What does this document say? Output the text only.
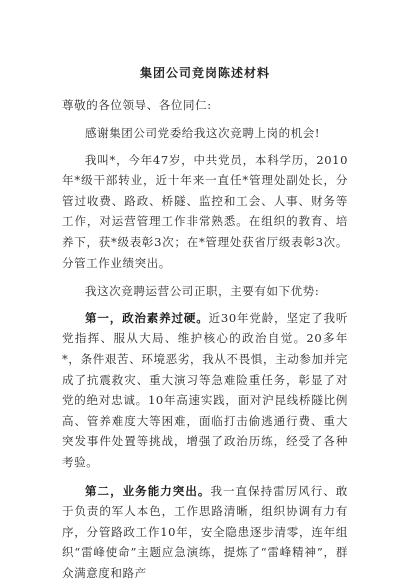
集团公司竞岗陈述材料
尊敬的各位领导、各位同仁:

感谢集团公司党委给我这次竞聘上岗的机会!

我叫*，今年47岁，中共党员，本科学历，2010年*级干部转业，近十年来一直任*管理处副处长，分管过收费、路政、桥隧、监控和工会、人事、财务等工作，对运营管理工作非常熟悉。在组织的教育、培养下，获*级表彰3次；在*管理处获省厅级表彰3次。分管工作业绩突出。

我这次竞聘运营公司正职，主要有如下优势:

第一，政治素养过硬。近30年党龄，坚定了我听党指挥、服从大局、维护核心的政治自觉。20多年*，条件艰苦、环境恶劣，我从不畏惧，主动参加并完成了抗震救灾、重大演习等急难险重任务，彰显了对党的绝对忠诚。10年高速实践，面对沪昆线桥隧比例高、管养难度大等困难，面临打击偷逃通行费、重大突发事件处置等挑战，增强了政治历练，经受了各种考验。

第二，业务能力突出。我一直保持雷厉风行、敢于负责的军人本色，工作思路清晰，组织协调有力有序，分管路政工作10年，安全隐患逐步清零，连年组织“雷峰使命”主题应急演练，提炼了“雷峰精神”，群众满意度和路产
